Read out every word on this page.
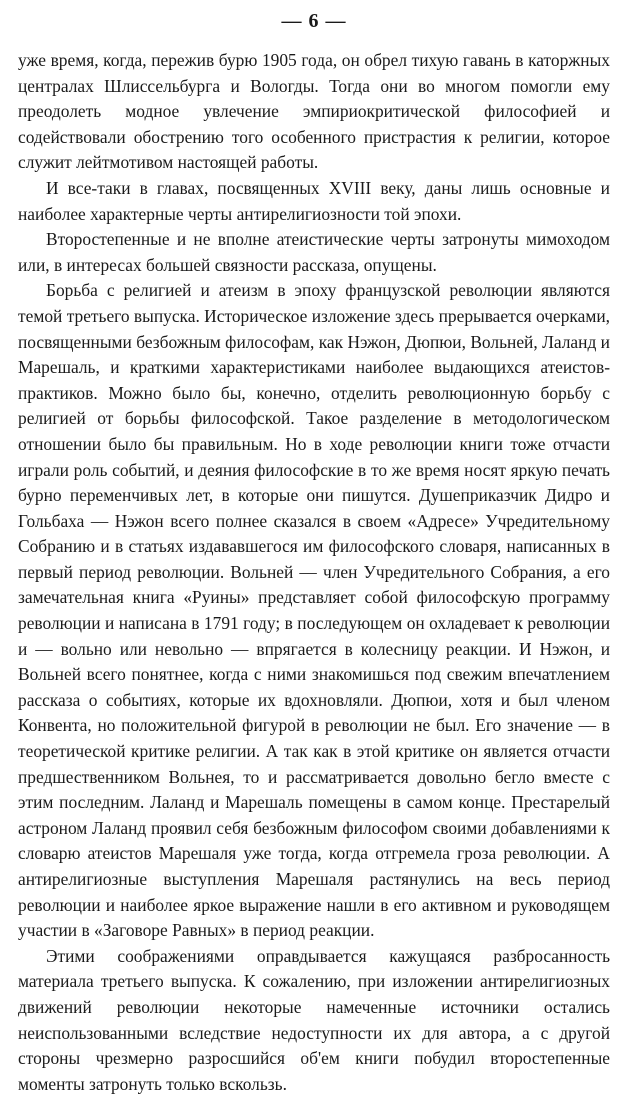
— 6 —

уже время, когда, пережив бурю 1905 года, он обрел тихую гавань в каторжных централах Шлиссельбурга и Вологды. Тогда они во многом помогли ему преодолеть модное увлечение эмпириокритической философией и содействовали обострению того особенного пристрастия к религии, которое служит лейтмотивом настоящей работы.

И все-таки в главах, посвященных XVIII веку, даны лишь основные и наиболее характерные черты антирелигиозности той эпохи.

Второстепенные и не вполне атеистические черты затронуты мимоходом или, в интересах большей связности рассказа, опущены.

Борьба с религией и атеизм в эпоху французской революции являются темой третьего выпуска. Историческое изложение здесь прерывается очерками, посвященными безбожным философам, как Нэжон, Дюпюи, Вольней, Лаланд и Марешаль, и краткими характеристиками наиболее выдающихся атеистов-практиков. Можно было бы, конечно, отделить революционную борьбу с религией от борьбы философской. Такое разделение в методологическом отношении было бы правильным. Но в ходе революции книги тоже отчасти играли роль событий, и деяния философские в то же время носят яркую печать бурно переменчивых лет, в которые они пишутся. Душеприказчик Дидро и Гольбаха — Нэжон всего полнее сказался в своем «Адресе» Учредительному Собранию и в статьях издававшегося им философского словаря, написанных в первый период революции. Вольней — член Учредительного Собрания, а его замечательная книга «Руины» представляет собой философскую программу революции и написана в 1791 году; в последующем он охладевает к революции и — вольно или невольно — впрягается в колесницу реакции. И Нэжон, и Вольней всего понятнее, когда с ними знакомишься под свежим впечатлением рассказа о событиях, которые их вдохновляли. Дюпюи, хотя и был членом Конвента, но положительной фигурой в революции не был. Его значение — в теоретической критике религии. А так как в этой критике он является отчасти предшественником Вольнея, то и рассматривается довольно бегло вместе с этим последним. Лаланд и Марешаль помещены в самом конце. Престарелый астроном Лаланд проявил себя безбожным философом своими добавлениями к словарю атеистов Марешаля уже тогда, когда отгремела гроза революции. А антирелигиозные выступления Марешаля растянулись на весь период революции и наиболее яркое выражение нашли в его активном и руководящем участии в «Заговоре Равных» в период реакции.

Этими соображениями оправдывается кажущаяся разбросанность материала третьего выпуска. К сожалению, при изложении антирелигиозных движений революции некоторые намеченные источники остались неиспользованными вследствие недоступности их для автора, а с другой стороны чрезмерно разросшийся об'ем книги побудил второстепенные моменты затронуть только вскользь.
